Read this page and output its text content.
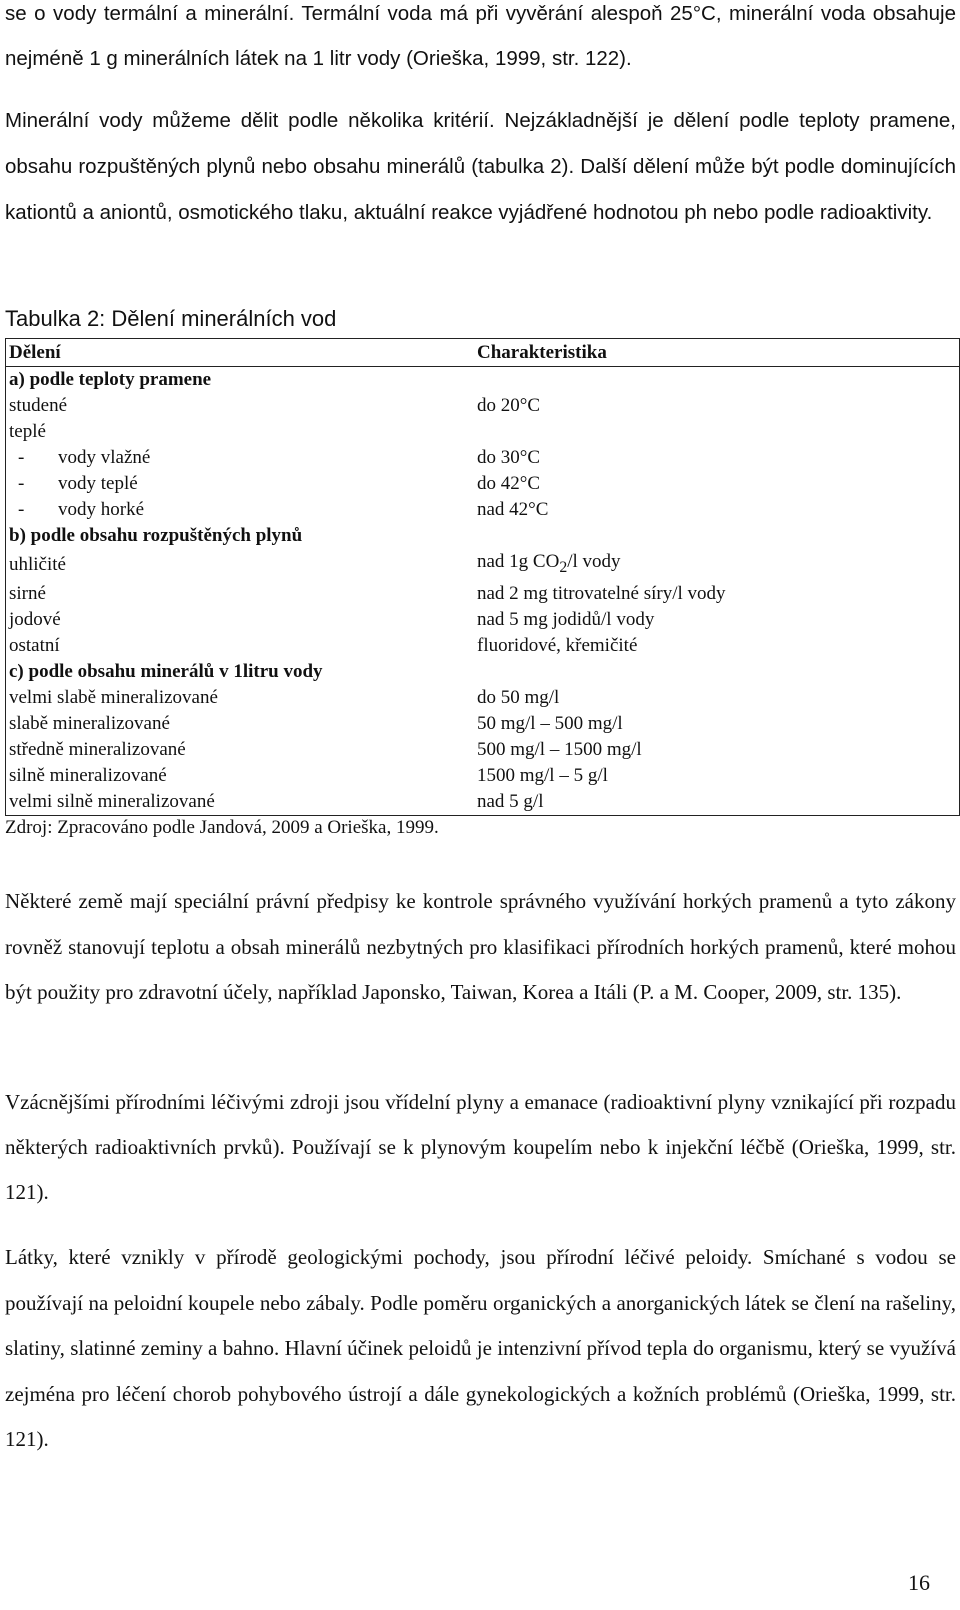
se o vody termální a minerální. Termální voda má při vyvěrání alespoň 25°C, minerální voda obsahuje nejméně 1 g minerálních látek na 1 litr vody (Orieška, 1999, str. 122).

Minerální vody můžeme dělit podle několika kritérií. Nejzákladnější je dělení podle teploty pramene, obsahu rozpuštěných plynů nebo obsahu minerálů (tabulka 2). Další dělení může být podle dominujících kationtů a aniontů, osmotického tlaku, aktuální reakce vyjádřené hodnotou ph nebo podle radioaktivity.

Tabulka 2: Dělení minerálních vod
Dělení	Charakteristika
a) podle teploty pramene	
studené	do 20°C
teplé	
- vody vlažné	do 30°C
- vody teplé	do 42°C
- vody horké	nad 42°C
b) podle obsahu rozpuštěných plynů	
uhličité	nad 1g $CO_2/l$ vody
sirné	nad 2 mg titrovatelné síry/l vody
jodové	nad 5 mg jodidů/l vody
ostatní	fluoridové, křemičité
c) podle obsahu minerálů v 1litru vody	
velmi slabě mineralizované	do 50 mg/l
slabě mineralizované	50 mg/l – 500 mg/l
středně mineralizované	500 mg/l – 1500 mg/l
silně mineralizované	1500 mg/l – 5 g/l
velmi silně mineralizované	nad 5 g/l
Zdroj: Zpracováno podle Jandová, 2009 a Orieška, 1999.

Některé země mají speciální právní předpisy ke kontrole správného využívání horkých pramenů a tyto zákony rovněž stanovují teplotu a obsah minerálů nezbytných pro klasifikaci přírodních horkých pramenů, které mohou být použity pro zdravotní účely, například Japonsko, Taiwan, Korea a Itáli (P. a M. Cooper, 2009, str. 135).

Vzácnějšími přírodními léčivými zdroji jsou vřídelní plyny a emanace (radioaktivní plyny vznikající při rozpadu některých radioaktivních prvků). Používají se k plynovým koupelím nebo k injekční léčbě (Orieška, 1999, str. 121).

Látky, které vznikly v přírodě geologickými pochody, jsou přírodní léčivé peloidy. Smíchané s vodou se používají na peloidní koupele nebo zábaly. Podle poměru organických a anorganických látek se člení na rašeliny, slatiny, slatinné zeminy a bahno. Hlavní účinek peloidů je intenzivní přívod tepla do organismu, který se využívá zejména pro léčení chorob pohybového ústrojí a dále gynekologických a kožních problémů (Orieška, 1999, str. 121).

16
